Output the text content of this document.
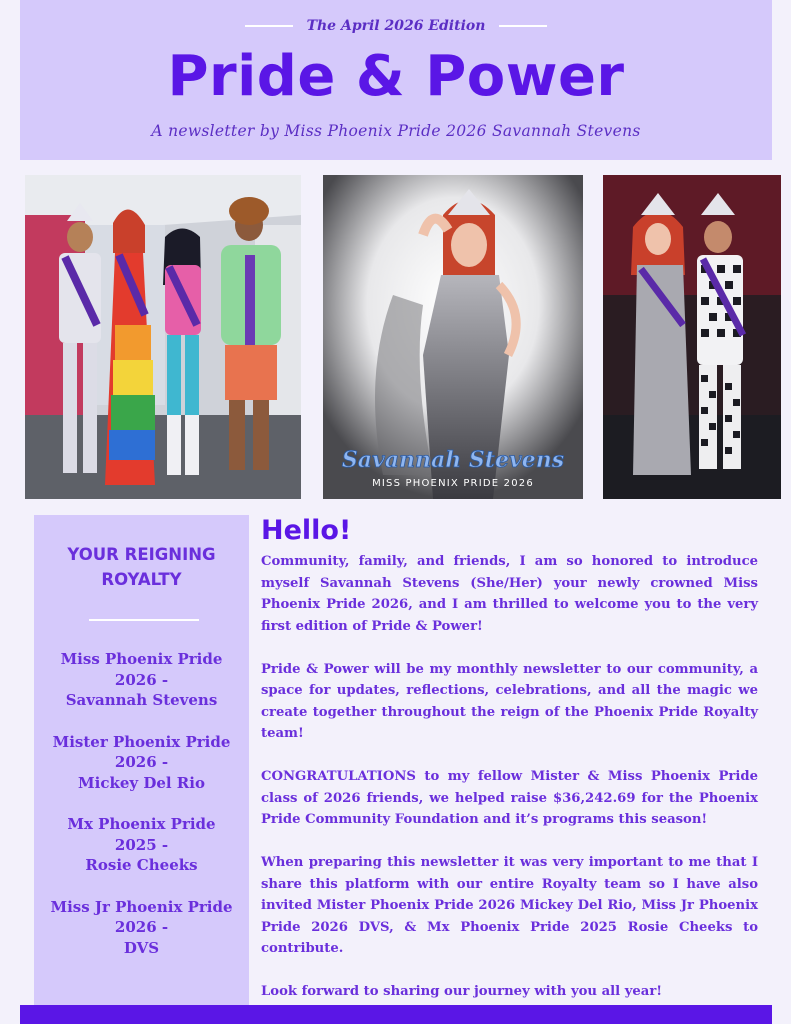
The April 2026 Edition
Pride & Power
A newsletter by Miss Phoenix Pride 2026 Savannah Stevens
Savannah Stevens
MISS PHOENIX PRIDE 2026
YOUR REIGNING
ROYALTY
Miss Phoenix Pride
2026 -
Savannah Stevens
Mister Phoenix Pride
2026 -
Mickey Del Rio
Mx Phoenix Pride
2025 -
Rosie Cheeks
Miss Jr Phoenix Pride
2026 -
DVS
Hello!

Community, family, and friends, I am so honored to introduce myself Savannah Stevens (She/Her) your newly crowned Miss Phoenix Pride 2026, and I am thrilled to welcome you to the very first edition of Pride & Power!

Pride & Power will be my monthly newsletter to our community, a space for updates, reflections, celebrations, and all the magic we create together throughout the reign of the Phoenix Pride Royalty team!

CONGRATULATIONS to my fellow Mister & Miss Phoenix Pride class of 2026 friends, we helped raise $36,242.69 for the Phoenix Pride Community Foundation and it’s programs this season!

When preparing this newsletter it was very important to me that I share this platform with our entire Royalty team so I have also invited Mister Phoenix Pride 2026 Mickey Del Rio, Miss Jr Phoenix Pride 2026 DVS, & Mx Phoenix Pride 2025 Rosie Cheeks to contribute.

Look forward to sharing our journey with you all year!
